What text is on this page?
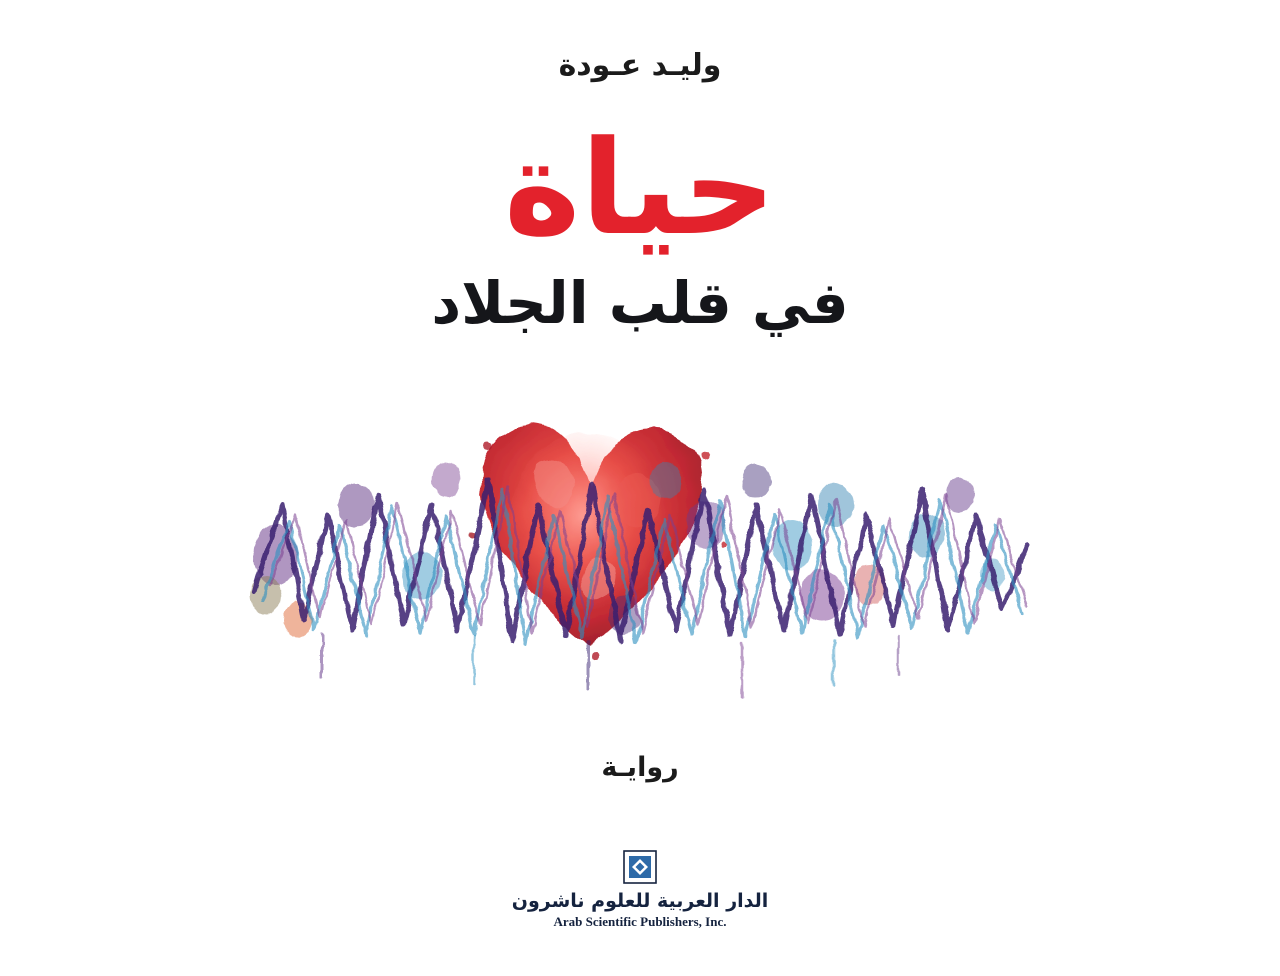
وليـد عـودة
حياة
في قلب الجلاد
روايـة
الدار العربية للعلوم ناشرون
Arab Scientific Publishers, Inc.
